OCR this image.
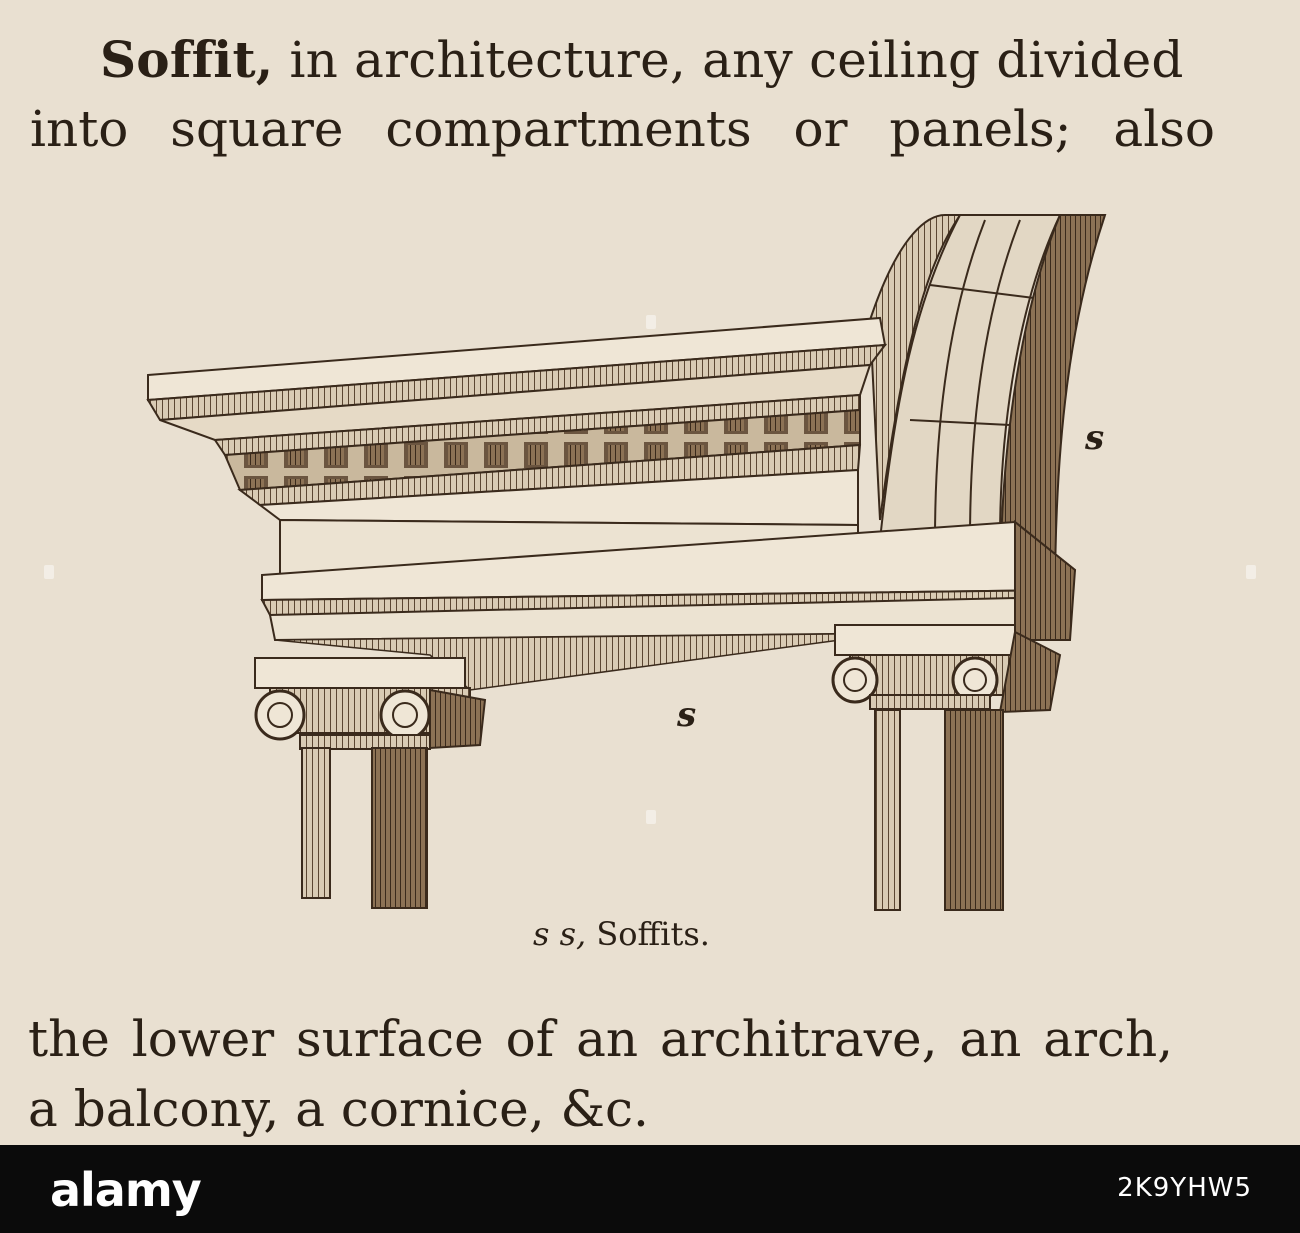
Soffit, in architecture, any ceiling divided
into square compartments or panels; also
s
s
s s, Soffits.
the lower surface of an architrave, an arch,
a balcony, a cornice, &c.
alamy	2K9YHW5
